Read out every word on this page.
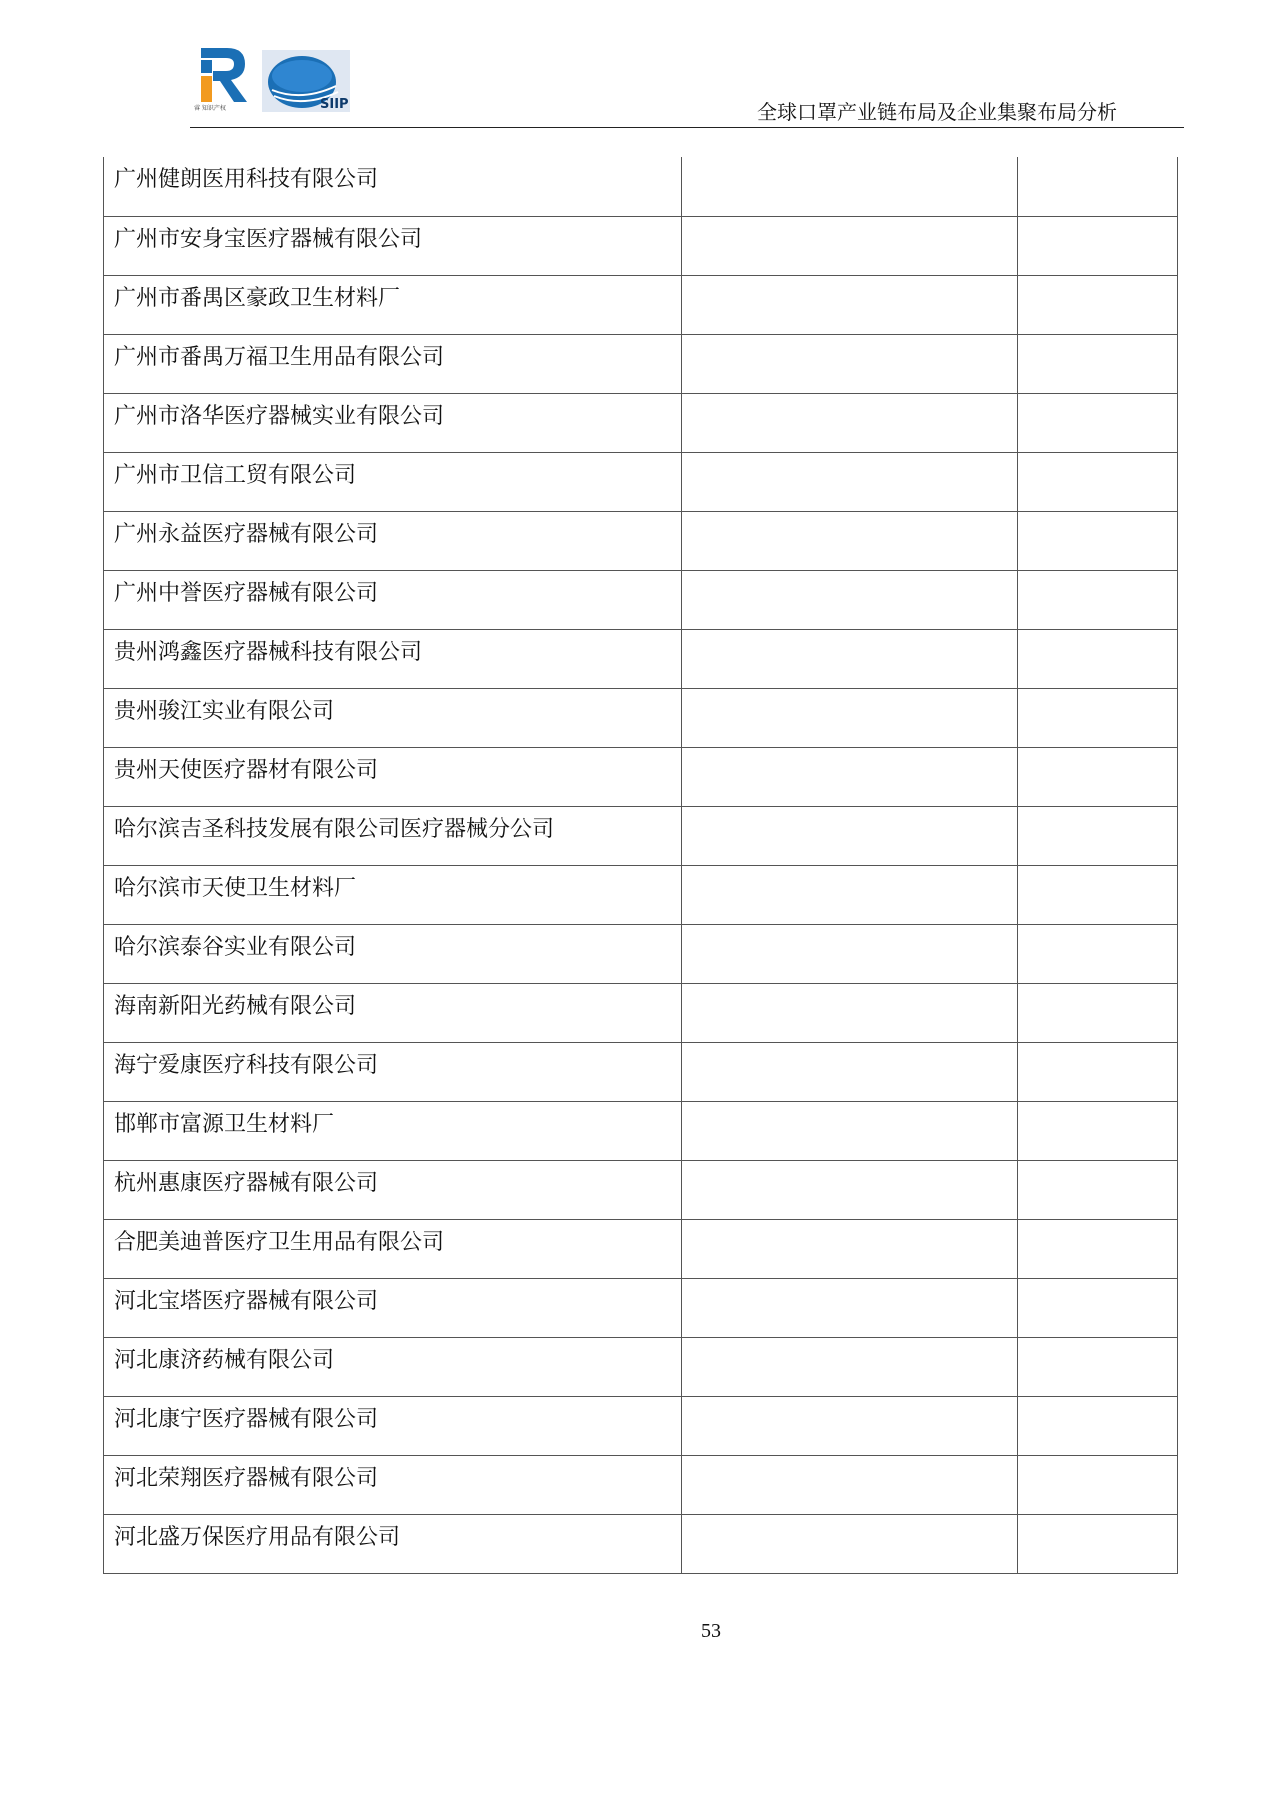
睿 知识产权	SIIP	全球口罩产业链布局及企业集聚布局分析
广州健朗医用科技有限公司		
广州市安身宝医疗器械有限公司		
广州市番禺区豪政卫生材料厂		
广州市番禺万福卫生用品有限公司		
广州市洛华医疗器械实业有限公司		
广州市卫信工贸有限公司		
广州永益医疗器械有限公司		
广州中誉医疗器械有限公司		
贵州鸿鑫医疗器械科技有限公司		
贵州骏江实业有限公司		
贵州天使医疗器材有限公司		
哈尔滨吉圣科技发展有限公司医疗器械分公司		
哈尔滨市天使卫生材料厂		
哈尔滨泰谷实业有限公司		
海南新阳光药械有限公司		
海宁爱康医疗科技有限公司		
邯郸市富源卫生材料厂		
杭州惠康医疗器械有限公司		
合肥美迪普医疗卫生用品有限公司		
河北宝塔医疗器械有限公司		
河北康济药械有限公司		
河北康宁医疗器械有限公司		
河北荣翔医疗器械有限公司		
河北盛万保医疗用品有限公司		
53
